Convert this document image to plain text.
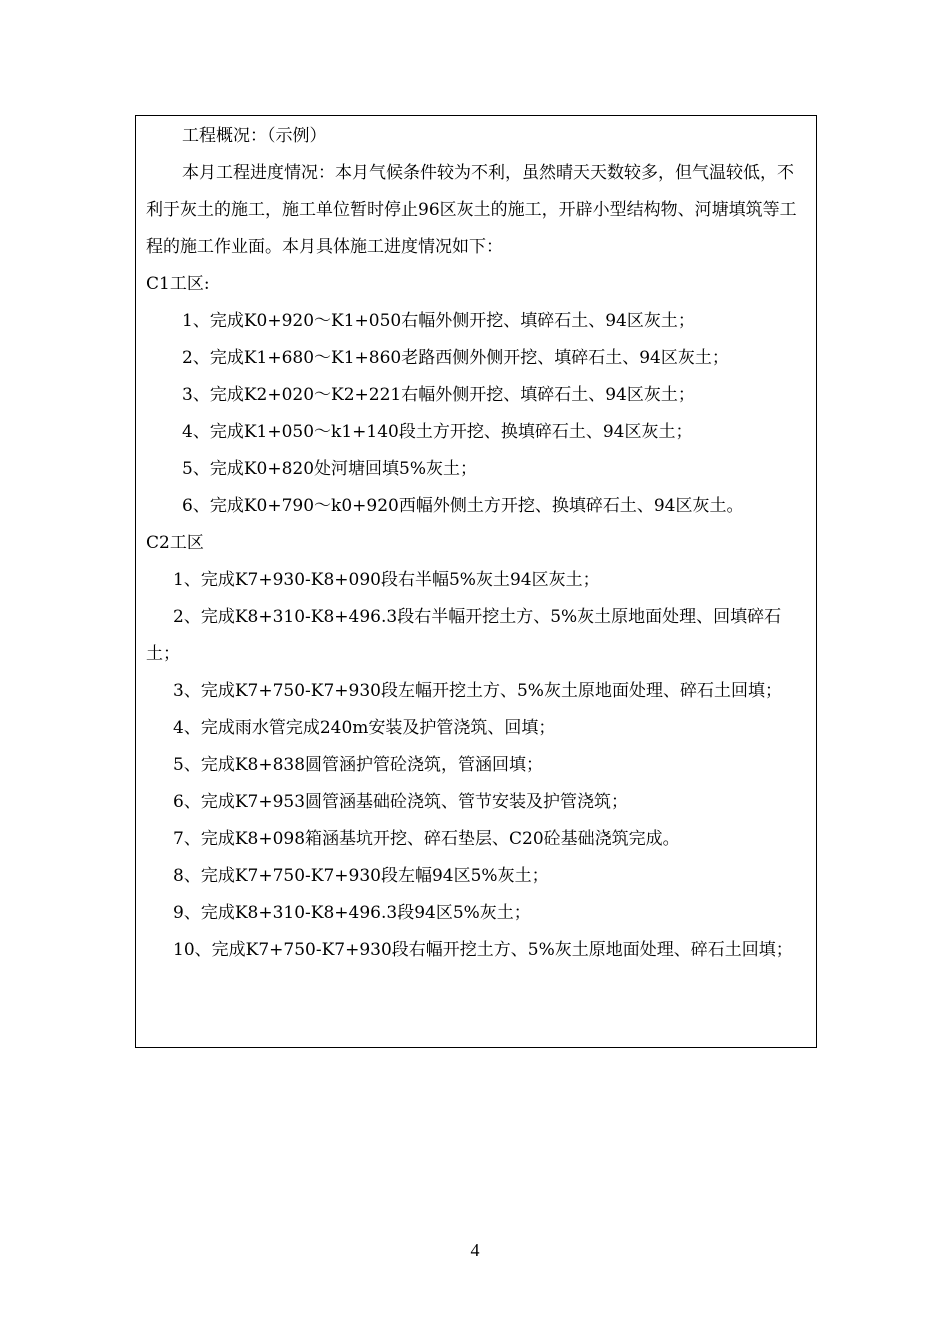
工程概况：（示例）

本月工程进度情况：本月气候条件较为不利，虽然晴天天数较多，但气温较低，不利于灰土的施工，施工单位暂时停止96区灰土的施工，开辟小型结构物、河塘填筑等工程的施工作业面。本月具体施工进度情况如下：

C1工区:

1、完成K0+920～K1+050右幅外侧开挖、填碎石土、94区灰土；

2、完成K1+680～K1+860老路西侧外侧开挖、填碎石土、94区灰土；

3、完成K2+020～K2+221右幅外侧开挖、填碎石土、94区灰土；

4、完成K1+050～k1+140段土方开挖、换填碎石土、94区灰土；

5、完成K0+820处河塘回填5%灰土；

6、完成K0+790～k0+920西幅外侧土方开挖、换填碎石土、94区灰土。

C2工区

1、完成K7+930-K8+090段右半幅5%灰土94区灰土；

2、完成K8+310-K8+496.3段右半幅开挖土方、5%灰土原地面处理、回填碎石土；

3、完成K7+750-K7+930段左幅开挖土方、5%灰土原地面处理、碎石土回填；

4、完成雨水管完成240m安装及护管浇筑、回填；

5、完成K8+838圆管涵护管砼浇筑，管涵回填；

6、完成K7+953圆管涵基础砼浇筑、管节安装及护管浇筑；

7、完成K8+098箱涵基坑开挖、碎石垫层、C20砼基础浇筑完成。

8、完成K7+750-K7+930段左幅94区5%灰土；

9、完成K8+310-K8+496.3段94区5%灰土；

10、完成K7+750-K7+930段右幅开挖土方、5%灰土原地面处理、碎石土回填；

4
